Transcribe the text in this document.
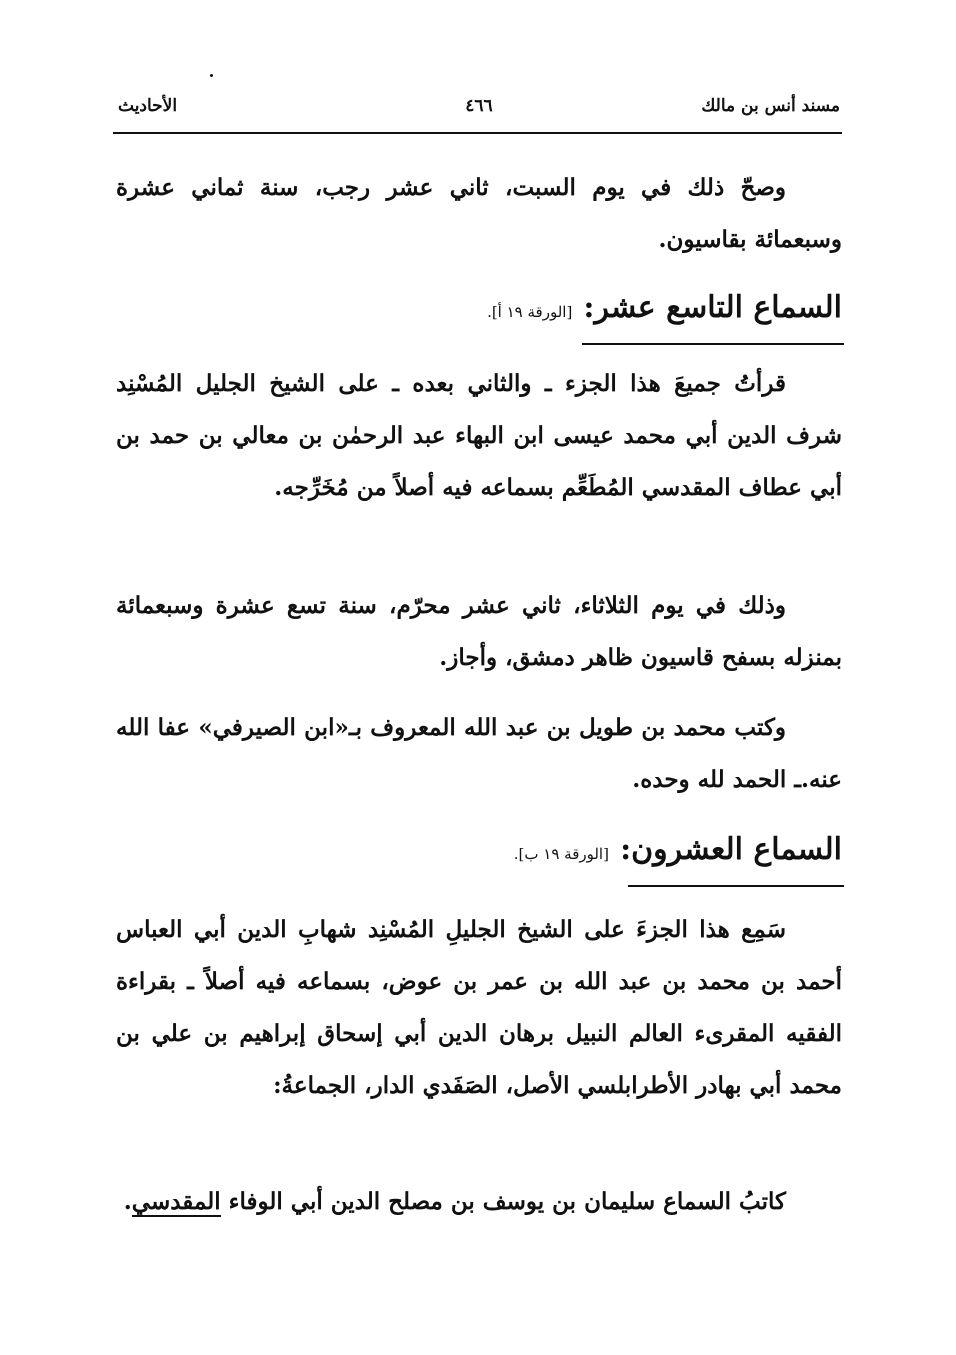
مسند أنس بن مالك
٤٦٦
الأحاديث

وصحّ ذلك في يوم السبت، ثاني عشر رجب، سنة ثماني عشرة وسبعمائة بقاسيون.

السماع التاسع عشر: [الورقة ١٩ أ].

قرأتُ جميعَ هذا الجزء ـ والثاني بعده ـ على الشيخ الجليل المُسْنِد شرف الدين أبي محمد عيسى ابن البهاء عبد الرحمٰن بن معالي بن حمد بن أبي عطاف المقدسي المُطَعِّم بسماعه فيه أصلاً من مُخَرِّجه.

وذلك في يوم الثلاثاء، ثاني عشر محرّم، سنة تسع عشرة وسبعمائة بمنزله بسفح قاسيون ظاهر دمشق، وأجاز.

وكتب محمد بن طويل بن عبد الله المعروف بـ«ابن الصيرفي» عفا الله عنه.ـ الحمد لله وحده.

السماع العشرون: [الورقة ١٩ ب].

سَمِع هذا الجزءَ على الشيخ الجليلِ المُسْنِد شهابِ الدين أبي العباس أحمد بن محمد بن عبد الله بن عمر بن عوض، بسماعه فيه أصلاً ـ بقراءة الفقيه المقرىء العالم النبيل برهان الدين أبي إسحاق إبراهيم بن علي بن محمد أبي بهادر الأطرابلسي الأصل، الصَفَدي الدار، الجماعةُ:

كاتبُ السماع سليمان بن يوسف بن مصلح الدين أبي الوفاء المقدسي.
